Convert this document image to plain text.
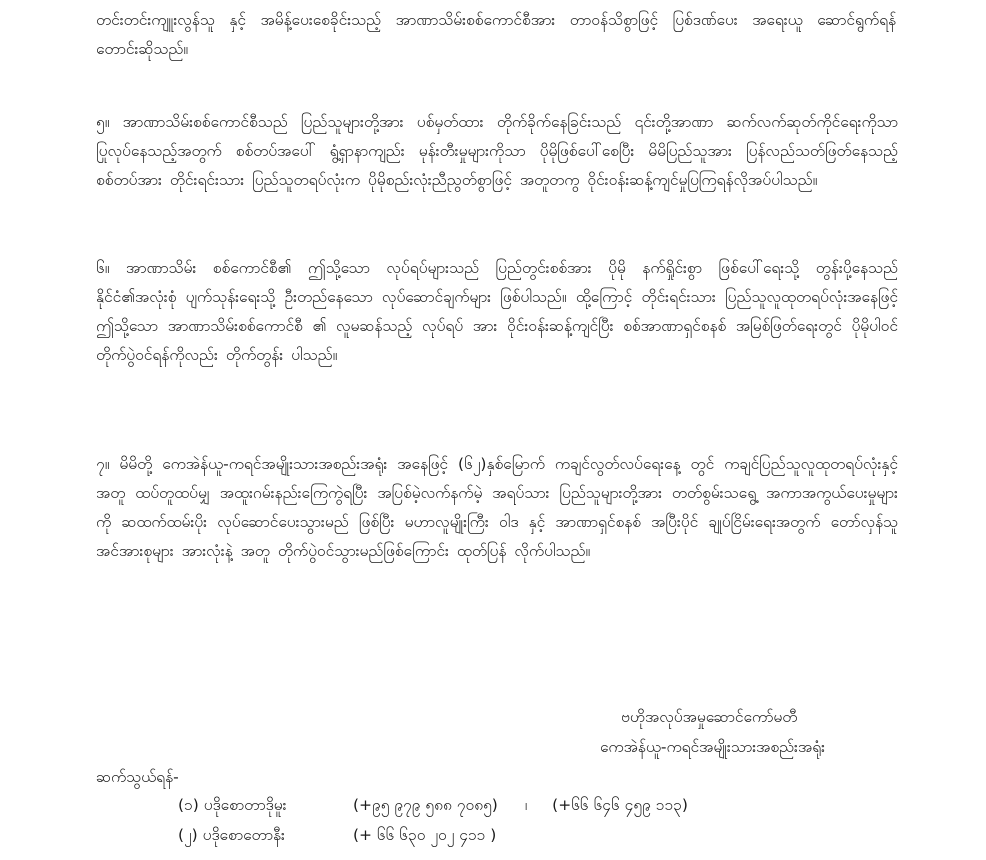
တင်းတင်းကျူးလွန်သူ နှင့် အမိန့်ပေးစေခိုင်းသည့် အာဏာသိမ်းစစ်ကောင်စီအား တာဝန်သိစွာဖြင့် ပြစ်ဒဏ်ပေး အရေးယူ ဆောင်ရွက်ရန် တောင်းဆိုသည်။
၅။ အာဏာသိမ်းစစ်ကောင်စီသည် ပြည်သူများတို့အား ပစ်မှတ်ထား တိုက်ခိုက်နေခြင်းသည် ၎င်းတို့အာဏာ ဆက်လက်ဆုတ်ကိုင်ရေးကိုသာ ပြုလုပ်နေသည့်အတွက် စစ်တပ်အပေါ် ရွံ့ရှာနာကျည်း မုန်းတီးမှုများကိုသာ ပိုမိုဖြစ်ပေါ်စေပြီး မိမိပြည်သူအား ပြန်လည်သတ်ဖြတ်နေသည့် စစ်တပ်အား တိုင်းရင်းသား ပြည်သူတရပ်လုံးက ပိုမိုစည်းလုံးညီညွတ်စွာဖြင့် အတူတကွ ဝိုင်းဝန်းဆန့်ကျင်မှုပြကြရန်လိုအပ်ပါသည်။
၆။ အာဏာသိမ်း စစ်ကောင်စီ၏ ဤသို့သော လုပ်ရပ်များသည် ပြည်တွင်းစစ်အား ပိုမို နက်ရှိုင်းစွာ ဖြစ်ပေါ်ရေးသို့ တွန်းပို့နေသည် နိုင်ငံ၏အလုံးစုံ ပျက်သုန်းရေးသို့ ဦးတည်နေသော လုပ်ဆောင်ချက်များ ဖြစ်ပါသည်။ ထို့ကြောင့် တိုင်းရင်းသား ပြည်သူလူထုတရပ်လုံးအနေဖြင့် ဤသို့သော အာဏာသိမ်းစစ်ကောင်စီ ၏ လူမဆန်သည့် လုပ်ရပ် အား ဝိုင်းဝန်းဆန့်ကျင်ပြီး စစ်အာဏာရှင်စနစ် အမြစ်ဖြတ်ရေးတွင် ပိုမိုပါဝင်တိုက်ပွဲဝင်ရန်ကိုလည်း တိုက်တွန်း ပါသည်။
၇။ မိမိတို့ ကေအဲန်ယူ-ကရင်အမျိုးသားအစည်းအရုံး အနေဖြင့် (၆၂)နှစ်မြောက် ကချင်လွတ်လပ်ရေးနေ့ တွင် ကချင်ပြည်သူလူထုတရပ်လုံးနှင့်အတူ ထပ်တူထပ်မျှ အထူးဂမ်းနည်းကြေကွဲရပြီး အပြစ်မဲ့လက်နက်မဲ့ အရပ်သား ပြည်သူများတို့အား တတ်စွမ်းသရွေ့ အကာအကွယ်ပေးမှုများ ကို ဆထက်ထမ်းပိုး လုပ်ဆောင်ပေးသွားမည် ဖြစ်ပြီး မဟာလူမျိုးကြီး ဝါဒ နှင့် အာဏာရှင်စနစ် အပြီးပိုင် ချုပ်ငြိမ်းရေးအတွက် တော်လှန်သူအင်အားစုများ အားလုံးနဲ့ အတူ တိုက်ပွဲဝင်သွားမည်ဖြစ်ကြောင်း ထုတ်ပြန် လိုက်ပါသည်။
ဗဟိုအလုပ်အမှုဆောင်ကော်မတီ
ကေအဲန်ယူ-ကရင်အမျိုးသားအစည်းအရုံး
ဆက်သွယ်ရန်-
(၁) ပဒိုစောတာဒိုမူး	(+၉၅ ၉၇၉ ၅၈၈ ၇၀၈၅) ၊ (+၆၆ ၆၄၆ ၄၅၉ ၁၁၃)
(၂) ပဒိုစောတောနီး	(+ ၆၆ ၆၃၀ ၂၀၂ ၄၁၁ )
